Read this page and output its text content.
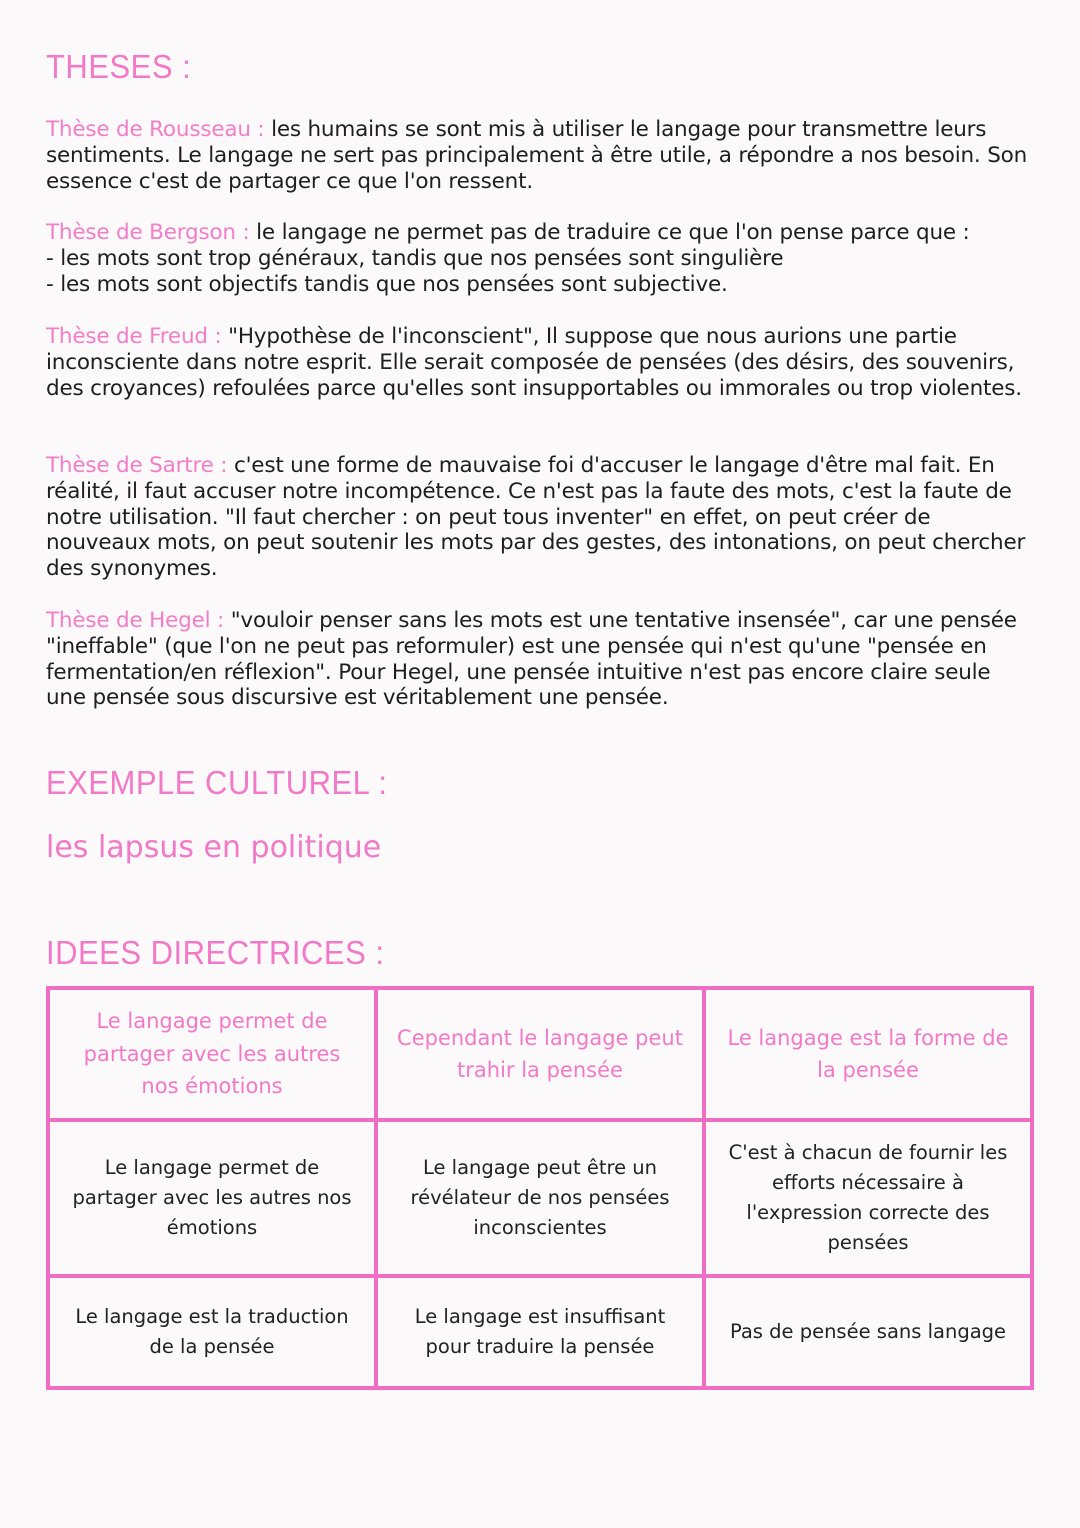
THESES :

Thèse de Rousseau : les humains se sont mis à utiliser le langage pour transmettre leurs sentiments. Le langage ne sert pas principalement à être utile, a répondre a nos besoin. Son essence c'est de partager ce que l'on ressent.

Thèse de Bergson : le langage ne permet pas de traduire ce que l'on pense parce que :
- les mots sont trop généraux, tandis que nos pensées sont singulière
- les mots sont objectifs tandis que nos pensées sont subjective.

Thèse de Freud : "Hypothèse de l'inconscient", Il suppose que nous aurions une partie inconsciente dans notre esprit. Elle serait composée de pensées (des désirs, des souvenirs, des croyances) refoulées parce qu'elles sont insupportables ou immorales ou trop violentes.

Thèse de Sartre : c'est une forme de mauvaise foi d'accuser le langage d'être mal fait. En réalité, il faut accuser notre incompétence. Ce n'est pas la faute des mots, c'est la faute de notre utilisation. "Il faut chercher : on peut tous inventer" en effet, on peut créer de nouveaux mots, on peut soutenir les mots par des gestes, des intonations, on peut chercher des synonymes.

Thèse de Hegel : "vouloir penser sans les mots est une tentative insensée", car une pensée "ineffable" (que l'on ne peut pas reformuler) est une pensée qui n'est qu'une "pensée en fermentation/en réflexion". Pour Hegel, une pensée intuitive n'est pas encore claire seule une pensée sous discursive est véritablement une pensée.

EXEMPLE CULTUREL :
les lapsus en politique
IDEES DIRECTRICES :
Le langage permet de partager avec les autres nos émotions	Cependant le langage peut trahir la pensée	Le langage est la forme de la pensée
Le langage permet de partager avec les autres nos émotions	Le langage peut être un révélateur de nos pensées inconscientes	C'est à chacun de fournir les efforts nécessaire à l'expression correcte des pensées
Le langage est la traduction de la pensée	Le langage est insuffisant pour traduire la pensée	Pas de pensée sans langage
